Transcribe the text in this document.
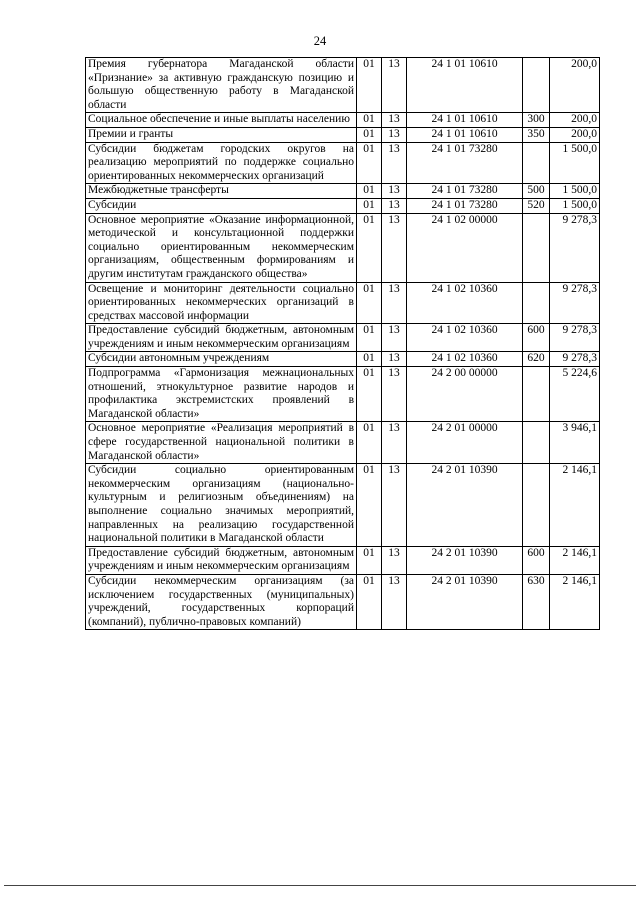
24
Премия губернатора Магаданской области «Признание» за активную гражданскую позицию и большую общественную работу в Магаданской области	01	13	24 1 01 10610		200,0
Социальное обеспечение и иные выплаты населению	01	13	24 1 01 10610	300	200,0
Премии и гранты	01	13	24 1 01 10610	350	200,0
Субсидии бюджетам городских округов на реализацию мероприятий по поддержке социально ориентированных некоммерческих организаций	01	13	24 1 01 73280		1 500,0
Межбюджетные трансферты	01	13	24 1 01 73280	500	1 500,0
Субсидии	01	13	24 1 01 73280	520	1 500,0
Основное мероприятие «Оказание информационной, методической и консультационной поддержки социально ориентированным некоммерческим организациям, общественным формированиям и другим институтам гражданского общества»	01	13	24 1 02 00000		9 278,3
Освещение и мониторинг деятельности социально ориентированных некоммерческих организаций в средствах массовой информации	01	13	24 1 02 10360		9 278,3
Предоставление субсидий бюджетным, автономным учреждениям и иным некоммерческим организациям	01	13	24 1 02 10360	600	9 278,3
Субсидии автономным учреждениям	01	13	24 1 02 10360	620	9 278,3
Подпрограмма «Гармонизация межнациональных отношений, этнокультурное развитие народов и профилактика экстремистских проявлений в Магаданской области»	01	13	24 2 00 00000		5 224,6
Основное мероприятие «Реализация мероприятий в сфере государственной национальной политики в Магаданской области»	01	13	24 2 01 00000		3 946,1
Субсидии социально ориентированным некоммерческим организациям (национально-культурным и религиозным объединениям) на выполнение социально значимых мероприятий, направленных на реализацию государственной национальной политики в Магаданской области	01	13	24 2 01 10390		2 146,1
Предоставление субсидий бюджетным, автономным учреждениям и иным некоммерческим организациям	01	13	24 2 01 10390	600	2 146,1
Субсидии некоммерческим организациям (за исключением государственных (муниципальных) учреждений, государственных корпораций (компаний), публично-правовых компаний)	01	13	24 2 01 10390	630	2 146,1
